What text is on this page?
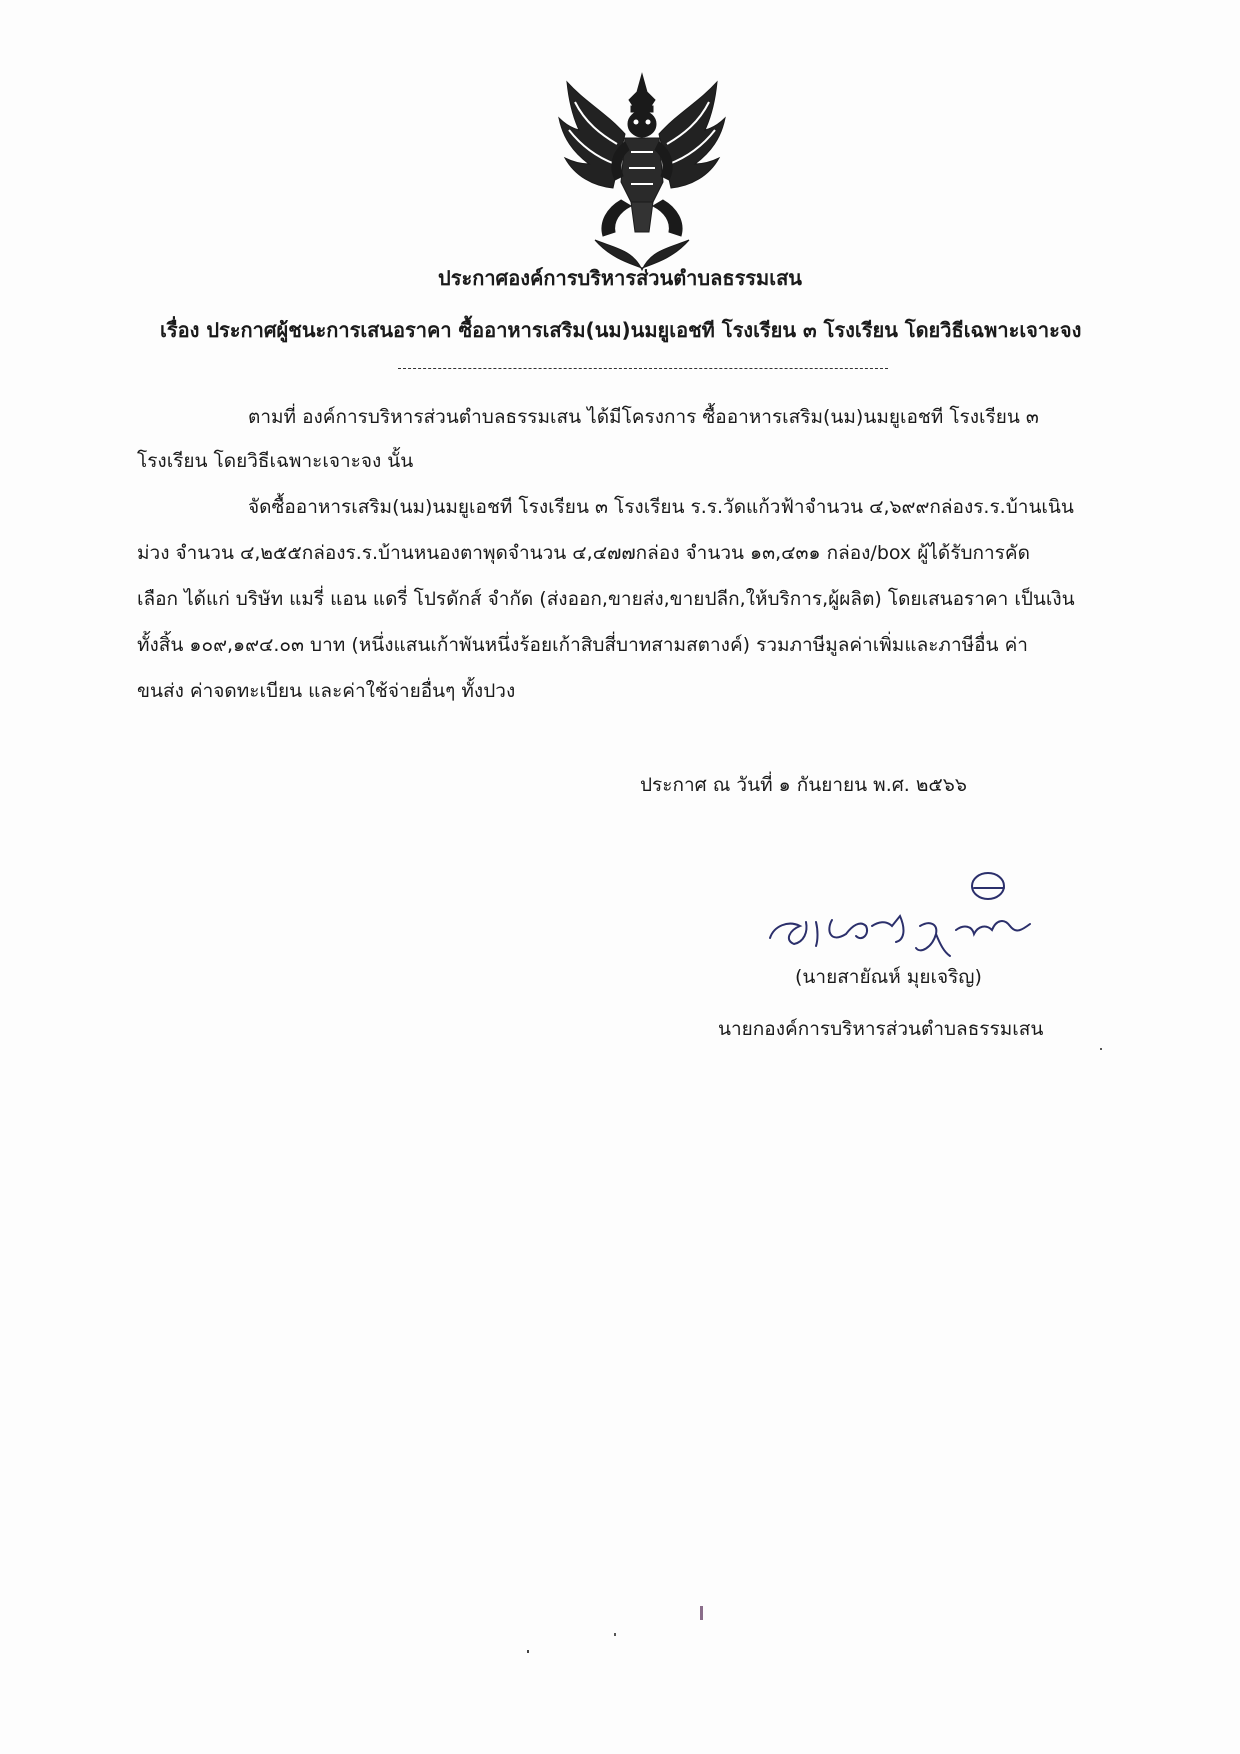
ประกาศองค์การบริหารส่วนตำบลธรรมเสน
เรื่อง ประกาศผู้ชนะการเสนอราคา ซื้ออาหารเสริม(นม)นมยูเอชที โรงเรียน ๓ โรงเรียน โดยวิธีเฉพาะเจาะจง
ตามที่ องค์การบริหารส่วนตำบลธรรมเสน ได้มีโครงการ ซื้ออาหารเสริม(นม)นมยูเอชที โรงเรียน ๓
โรงเรียน โดยวิธีเฉพาะเจาะจง นั้น
จัดซื้ออาหารเสริม(นม)นมยูเอชที โรงเรียน ๓ โรงเรียน ร.ร.วัดแก้วฟ้าจำนวน ๔,๖๙๙กล่องร.ร.บ้านเนิน
ม่วง จำนวน ๔,๒๕๕กล่องร.ร.บ้านหนองตาพุดจำนวน ๔,๔๗๗กล่อง จำนวน ๑๓,๔๓๑ กล่อง/box ผู้ได้รับการคัด
เลือก ได้แก่ บริษัท แมรี่ แอน แดรี่ โปรดักส์ จำกัด (ส่งออก,ขายส่ง,ขายปลีก,ให้บริการ,ผู้ผลิต) โดยเสนอราคา เป็นเงิน
ทั้งสิ้น ๑๐๙,๑๙๔.๐๓ บาท (หนึ่งแสนเก้าพันหนึ่งร้อยเก้าสิบสี่บาทสามสตางค์) รวมภาษีมูลค่าเพิ่มและภาษีอื่น ค่า
ขนส่ง ค่าจดทะเบียน และค่าใช้จ่ายอื่นๆ ทั้งปวง
ประกาศ ณ วันที่ ๑ กันยายน พ.ศ. ๒๕๖๖
(นายสายัณห์ มุยเจริญ)
นายกองค์การบริหารส่วนตำบลธรรมเสน
